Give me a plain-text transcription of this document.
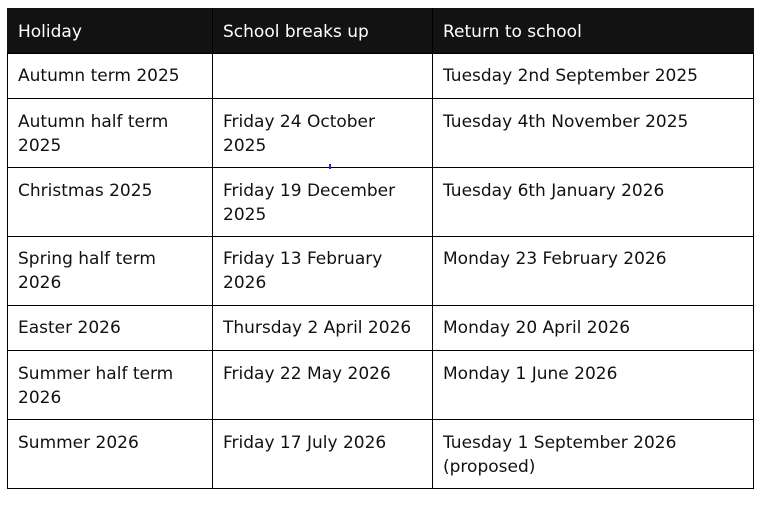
Holiday	School breaks up	Return to school
Autumn term 2025		Tuesday 2nd September 2025
Autumn half term 2025	Friday 24 October 2025	Tuesday 4th November 2025
Christmas 2025	Friday 19 December 2025	Tuesday 6th January 2026
Spring half term 2026	Friday 13 February 2026	Monday 23 February 2026
Easter 2026	Thursday 2 April 2026	Monday 20 April 2026
Summer half term 2026	Friday 22 May 2026	Monday 1 June 2026
Summer 2026	Friday 17 July 2026	Tuesday 1 September 2026 (proposed)
